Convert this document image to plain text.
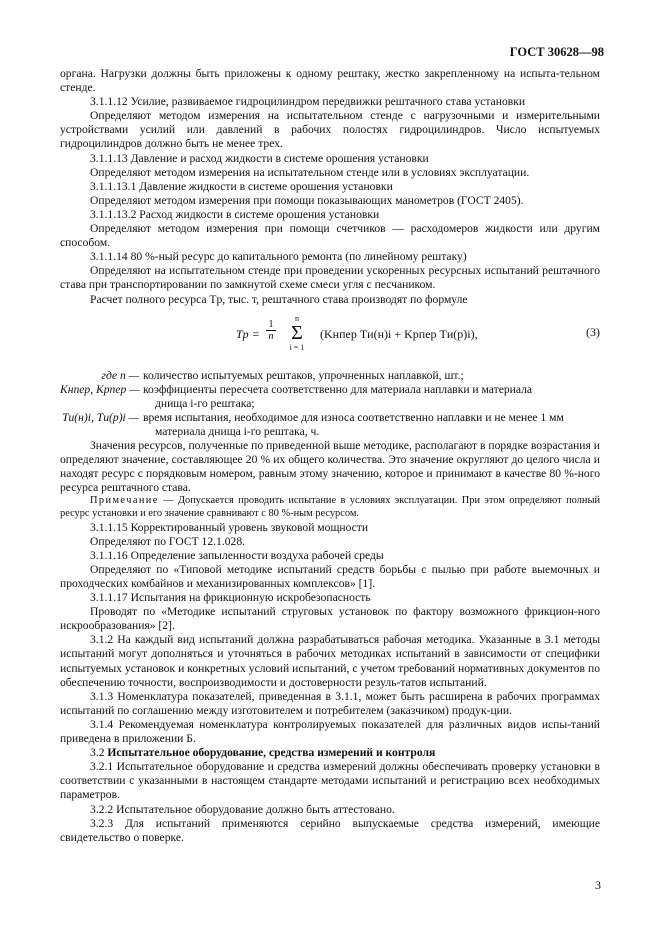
ГОСТ 30628—98

органа. Нагрузки должны быть приложены к одному рештаку, жестко закрепленному на испыта-тельном стенде.

3.1.1.12 Усилие, развиваемое гидроцилиндром передвижки рештачного става установки

Определяют методом измерения на испытательном стенде с нагрузочными и измерительными устройствами усилий или давлений в рабочих полостях гидроцилиндров. Число испытуемых гидроцилиндров должно быть не менее трех.

3.1.1.13 Давление и расход жидкости в системе орошения установки

Определяют методом измерения на испытательном стенде или в условиях эксплуатации.

3.1.1.13.1 Давление жидкости в системе орошения установки

Определяют методом измерения при помощи показывающих манометров (ГОСТ 2405).

3.1.1.13.2 Расход жидкости в системе орошения установки

Определяют методом измерения при помощи счетчиков — расходомеров жидкости или другим способом.

3.1.1.14 80 %-ный ресурс до капитального ремонта (по линейному рештаку)

Определяют на испытательном стенде при проведении ускоренных ресурсных испытаний рештачного става при транспортировании по замкнутой схеме смеси угля с песчаником.

Расчет полного ресурса Tр, тыс. т, рештачного става производят по формуле

Tр = $\frac{1}{n}$
n
Σ
i = 1
(Kнпер Tи(н)i + Kрпер Tи(р)i),	(3)
где n — количество испытуемых рештаков, упрочненных наплавкой, шт.;
Kнпер, Kрпер — коэффициенты пересчета соответственно для материала наплавки и материала
днища i-го рештака;
Tи(н)i, Tи(р)i — время испытания, необходимое для износа соответственно наплавки и не менее 1 мм
материала днища i-го рештака, ч.

Значения ресурсов, полученные по приведенной выше методике, располагают в порядке возрастания и определяют значение, составляющее 20 % их общего количества. Это значение округляют до целого числа и находят ресурс с порядковым номером, равным этому значению, которое и принимают в качестве 80 %-ного ресурса рештачного става.

Примечание — Допускается проводить испытание в условиях эксплуатации. При этом определяют полный ресурс установки и его значение сравнивают с 80 %-ным ресурсом.

3.1.1.15 Корректированный уровень звуковой мощности

Определяют по ГОСТ 12.1.028.

3.1.1.16 Определение запыленности воздуха рабочей среды

Определяют по «Типовой методике испытаний средств борьбы с пылью при работе выемочных и проходческих комбайнов и механизированных комплексов» [1].

3.1.1.17 Испытания на фрикционную искробезопасность

Проводят по «Методике испытаний струговых установок по фактору возможного фрикцион-ного искрообразования» [2].

3.1.2 На каждый вид испытаний должна разрабатываться рабочая методика. Указанные в 3.1 методы испытаний могут дополняться и уточняться в рабочих методиках испытаний в зависимости от специфики испытуемых установок и конкретных условий испытаний, с учетом требований нормативных документов по обеспечению точности, воспроизводимости и достоверности резуль-татов испытаний.

3.1.3 Номенклатура показателей, приведенная в 3.1.1, может быть расширена в рабочих программах испытаний по соглашению между изготовителем и потребителем (заказчиком) продук-ции.

3.1.4 Рекомендуемая номенклатура контролируемых показателей для различных видов испы-таний приведена в приложении Б.

3.2 Испытательное оборудование, средства измерений и контроля

3.2.1 Испытательное оборудование и средства измерений должны обеспечивать проверку установки в соответствии с указанными в настоящем стандарте методами испытаний и регистрацию всех необходимых параметров.

3.2.2 Испытательное оборудование должно быть аттестовано.

3.2.3 Для испытаний применяются серийно выпускаемые средства измерений, имеющие свидетельство о поверке.

3
